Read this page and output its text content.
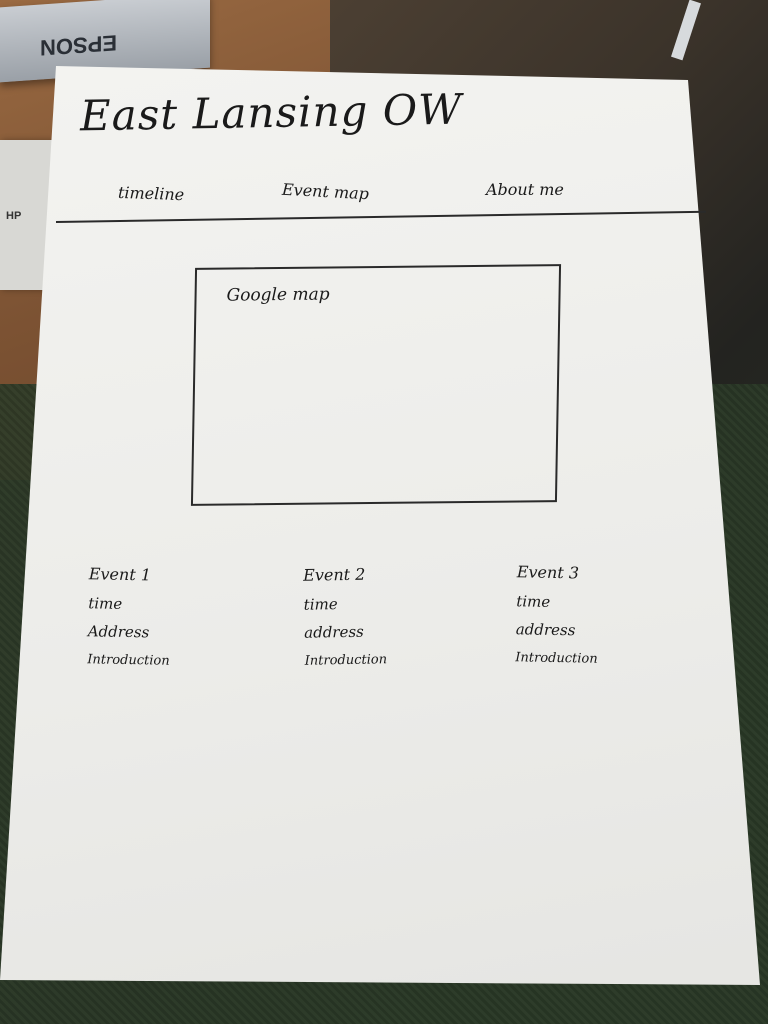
EPSON
HP
East Lansing OW
timeline	Event map	About me
Google map
Event 1
time
Address
Introduction
Event 2
time
address
Introduction
Event 3
time
address
Introduction
